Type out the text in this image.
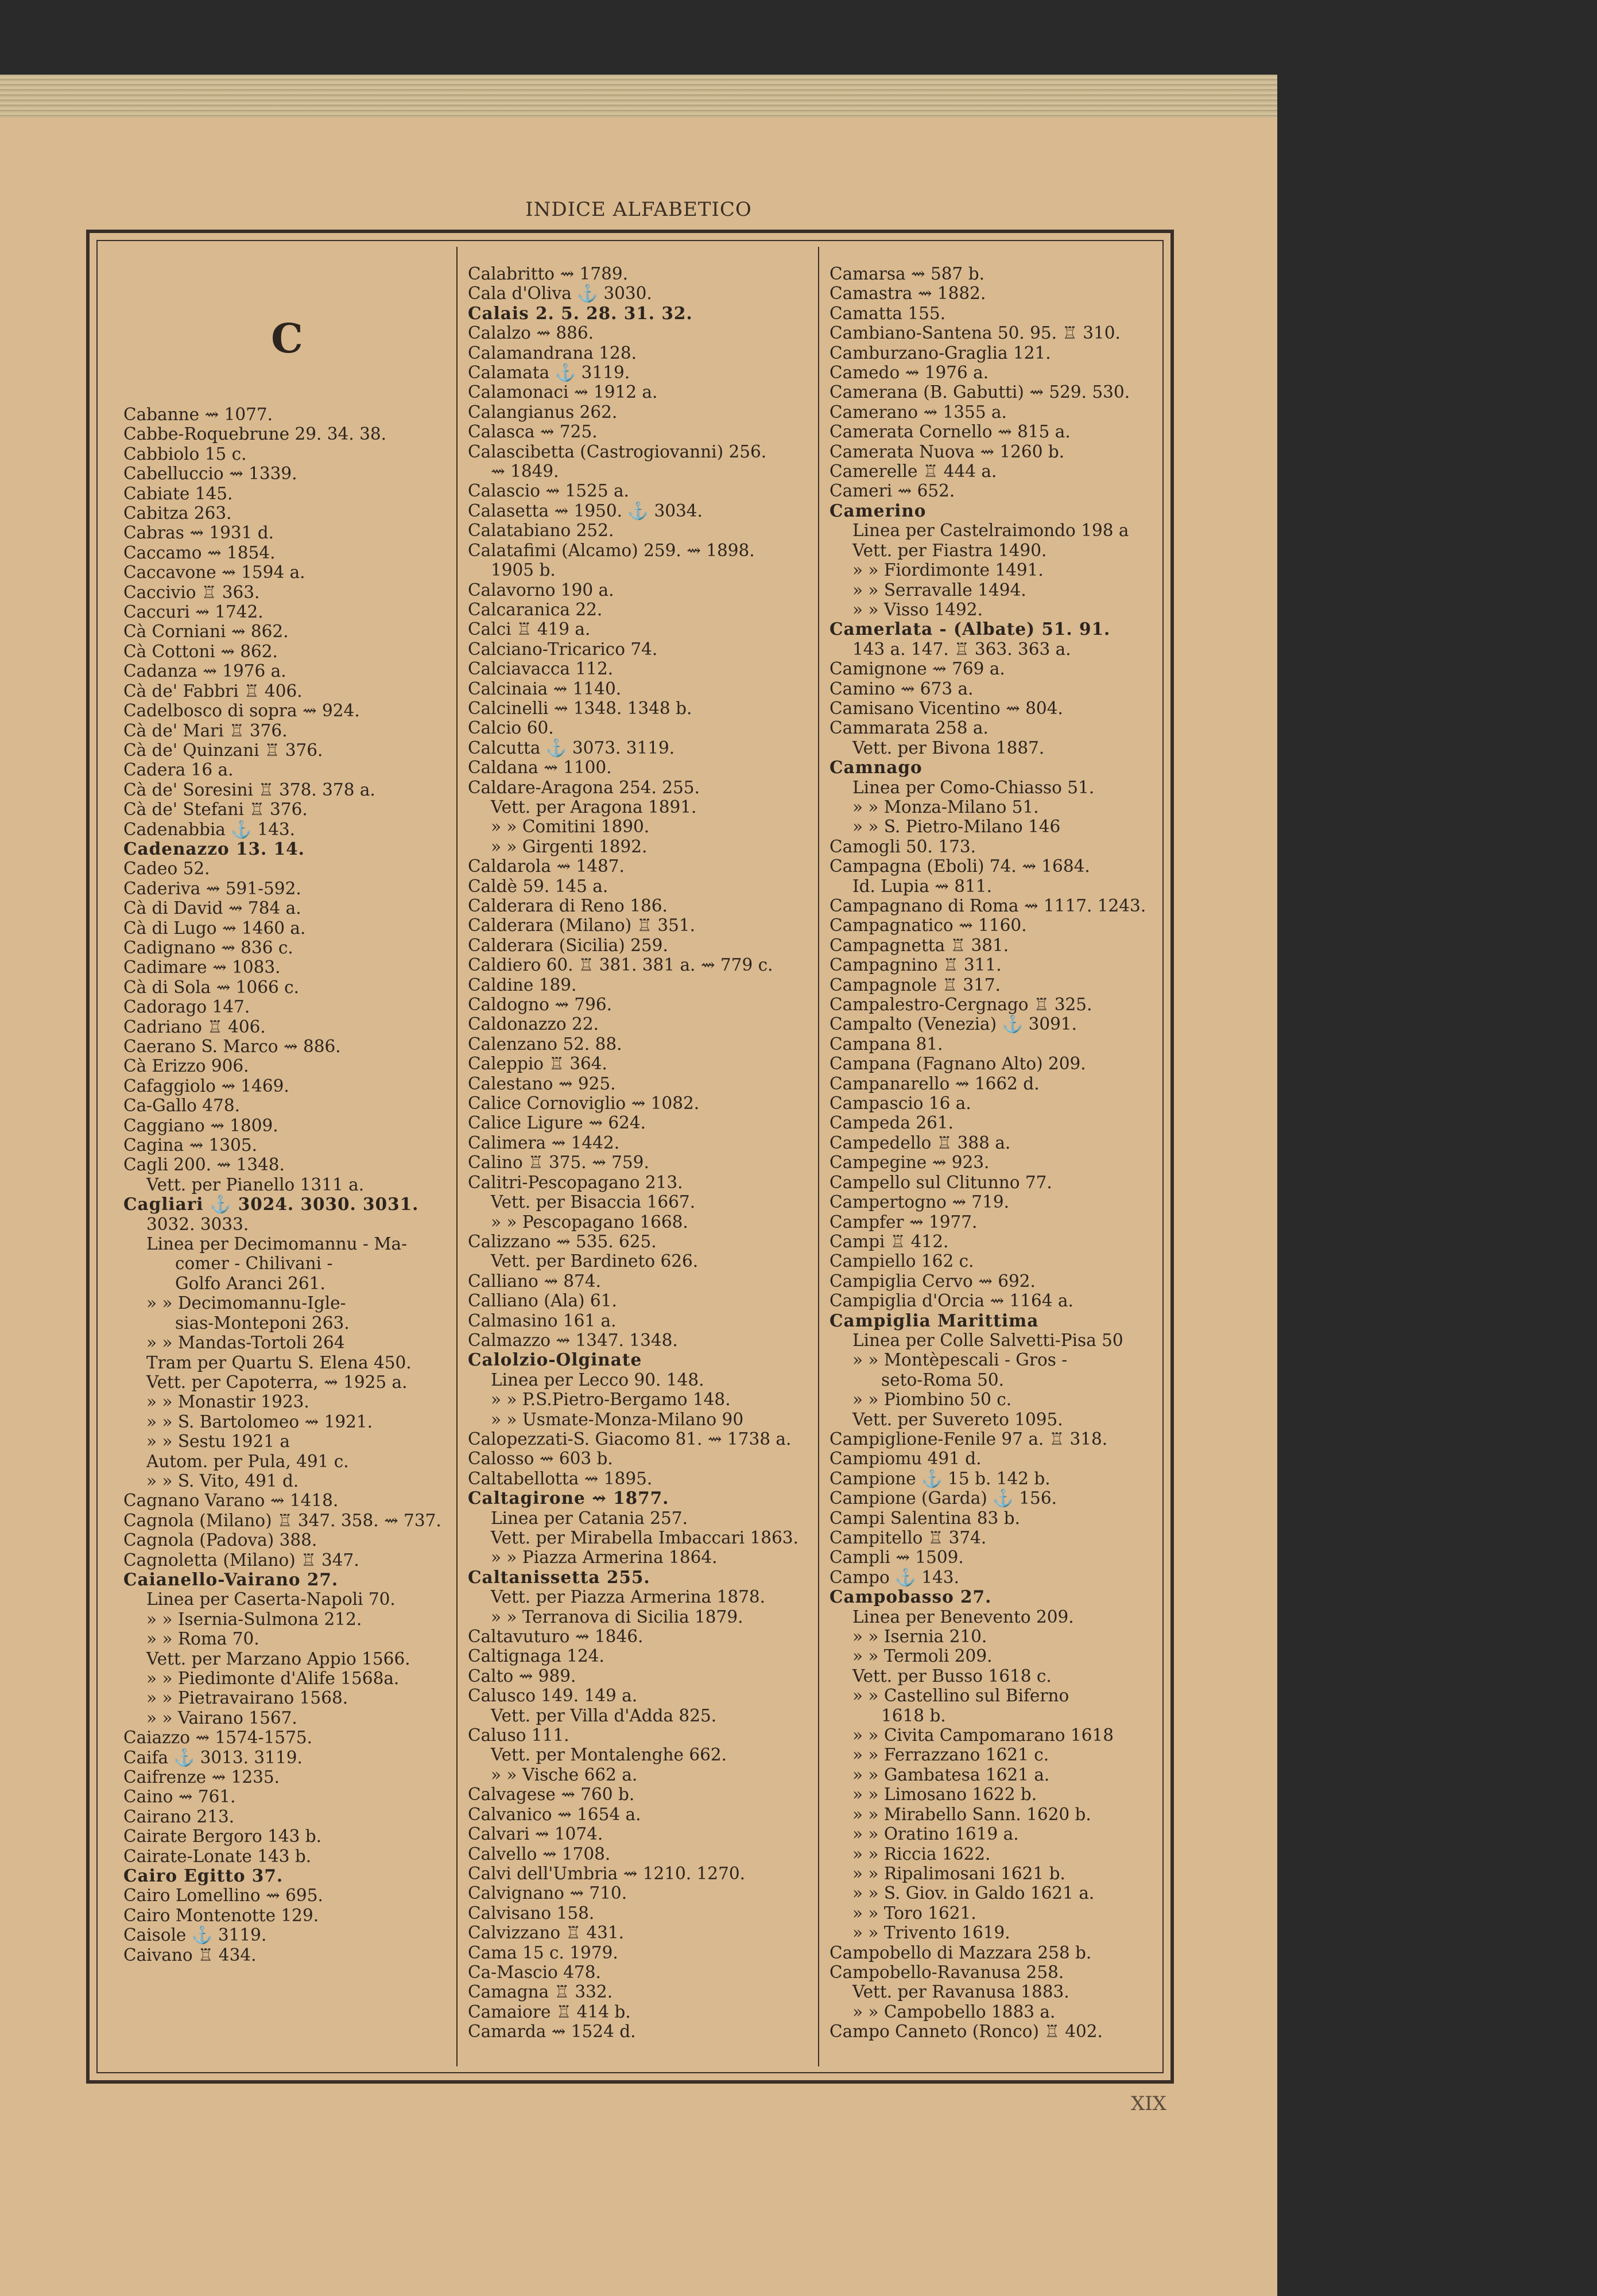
INDICE ALFABETICO
C
Cabanne ⇝ 1077.
Cabbe-Roquebrune 29. 34. 38.
Cabbiolo 15 c.
Cabelluccio ⇝ 1339.
Cabiate 145.
Cabitza 263.
Cabras ⇝ 1931 d.
Caccamo ⇝ 1854.
Caccavone ⇝ 1594 a.
Caccivio ♖ 363.
Caccuri ⇝ 1742.
Cà Corniani ⇝ 862.
Cà Cottoni ⇝ 862.
Cadanza ⇝ 1976 a.
Cà de' Fabbri ♖ 406.
Cadelbosco di sopra ⇝ 924.
Cà de' Mari ♖ 376.
Cà de' Quinzani ♖ 376.
Cadera 16 a.
Cà de' Soresini ♖ 378. 378 a.
Cà de' Stefani ♖ 376.
Cadenabbia ⚓ 143.
Cadenazzo 13. 14.
Cadeo 52.
Caderiva ⇝ 591-592.
Cà di David ⇝ 784 a.
Cà di Lugo ⇝ 1460 a.
Cadignano ⇝ 836 c.
Cadimare ⇝ 1083.
Cà di Sola ⇝ 1066 c.
Cadorago 147.
Cadriano ♖ 406.
Caerano S. Marco ⇝ 886.
Cà Erizzo 906.
Cafaggiolo ⇝ 1469.
Ca-Gallo 478.
Caggiano ⇝ 1809.
Cagina ⇝ 1305.
Cagli 200. ⇝ 1348.
Vett. per Pianello 1311 a.
Cagliari ⚓ 3024. 3030. 3031.
3032. 3033.
Linea per Decimomannu - Ma-
comer - Chilivani -
Golfo Aranci 261.
» » Decimomannu-Igle-
sias-Monteponi 263.
» » Mandas-Tortoli 264
Tram per Quartu S. Elena 450.
Vett. per Capoterra, ⇝ 1925 a.
» » Monastir 1923.
» » S. Bartolomeo ⇝ 1921.
» » Sestu 1921 a
Autom. per Pula, 491 c.
» » S. Vito, 491 d.
Cagnano Varano ⇝ 1418.
Cagnola (Milano) ♖ 347. 358. ⇝ 737.
Cagnola (Padova) 388.
Cagnoletta (Milano) ♖ 347.
Caianello-Vairano 27.
Linea per Caserta-Napoli 70.
» » Isernia-Sulmona 212.
» » Roma 70.
Vett. per Marzano Appio 1566.
» » Piedimonte d'Alife 1568a.
» » Pietravairano 1568.
» » Vairano 1567.
Caiazzo ⇝ 1574-1575.
Caifa ⚓ 3013. 3119.
Caifrenze ⇝ 1235.
Caino ⇝ 761.
Cairano 213.
Cairate Bergoro 143 b.
Cairate-Lonate 143 b.
Cairo Egitto 37.
Cairo Lomellino ⇝ 695.
Cairo Montenotte 129.
Caisole ⚓ 3119.
Caivano ♖ 434.
Calabritto ⇝ 1789.
Cala d'Oliva ⚓ 3030.
Calais 2. 5. 28. 31. 32.
Calalzo ⇝ 886.
Calamandrana 128.
Calamata ⚓ 3119.
Calamonaci ⇝ 1912 a.
Calangianus 262.
Calasca ⇝ 725.
Calascibetta (Castrogiovanni) 256.
⇝ 1849.
Calascio ⇝ 1525 a.
Calasetta ⇝ 1950. ⚓ 3034.
Calatabiano 252.
Calatafimi (Alcamo) 259. ⇝ 1898.
1905 b.
Calavorno 190 a.
Calcaranica 22.
Calci ♖ 419 a.
Calciano-Tricarico 74.
Calciavacca 112.
Calcinaia ⇝ 1140.
Calcinelli ⇝ 1348. 1348 b.
Calcio 60.
Calcutta ⚓ 3073. 3119.
Caldana ⇝ 1100.
Caldare-Aragona 254. 255.
Vett. per Aragona 1891.
» » Comitini 1890.
» » Girgenti 1892.
Caldarola ⇝ 1487.
Caldè 59. 145 a.
Calderara di Reno 186.
Calderara (Milano) ♖ 351.
Calderara (Sicilia) 259.
Caldiero 60. ♖ 381. 381 a. ⇝ 779 c.
Caldine 189.
Caldogno ⇝ 796.
Caldonazzo 22.
Calenzano 52. 88.
Caleppio ♖ 364.
Calestano ⇝ 925.
Calice Cornoviglio ⇝ 1082.
Calice Ligure ⇝ 624.
Calimera ⇝ 1442.
Calino ♖ 375. ⇝ 759.
Calitri-Pescopagano 213.
Vett. per Bisaccia 1667.
» » Pescopagano 1668.
Calizzano ⇝ 535. 625.
Vett. per Bardineto 626.
Calliano ⇝ 874.
Calliano (Ala) 61.
Calmasino 161 a.
Calmazzo ⇝ 1347. 1348.
Calolzio-Olginate
Linea per Lecco 90. 148.
» » P.S.Pietro-Bergamo 148.
» » Usmate-Monza-Milano 90
Calopezzati-S. Giacomo 81. ⇝ 1738 a.
Calosso ⇝ 603 b.
Caltabellotta ⇝ 1895.
Caltagirone ⇝ 1877.
Linea per Catania 257.
Vett. per Mirabella Imbaccari 1863.
» » Piazza Armerina 1864.
Caltanissetta 255.
Vett. per Piazza Armerina 1878.
» » Terranova di Sicilia 1879.
Caltavuturo ⇝ 1846.
Caltignaga 124.
Calto ⇝ 989.
Calusco 149. 149 a.
Vett. per Villa d'Adda 825.
Caluso 111.
Vett. per Montalenghe 662.
» » Vische 662 a.
Calvagese ⇝ 760 b.
Calvanico ⇝ 1654 a.
Calvari ⇝ 1074.
Calvello ⇝ 1708.
Calvi dell'Umbria ⇝ 1210. 1270.
Calvignano ⇝ 710.
Calvisano 158.
Calvizzano ♖ 431.
Cama 15 c. 1979.
Ca-Mascio 478.
Camagna ♖ 332.
Camaiore ♖ 414 b.
Camarda ⇝ 1524 d.
Camarsa ⇝ 587 b.
Camastra ⇝ 1882.
Camatta 155.
Cambiano-Santena 50. 95. ♖ 310.
Camburzano-Graglia 121.
Camedo ⇝ 1976 a.
Camerana (B. Gabutti) ⇝ 529. 530.
Camerano ⇝ 1355 a.
Camerata Cornello ⇝ 815 a.
Camerata Nuova ⇝ 1260 b.
Camerelle ♖ 444 a.
Cameri ⇝ 652.
Camerino
Linea per Castelraimondo 198 a
Vett. per Fiastra 1490.
» » Fiordimonte 1491.
» » Serravalle 1494.
» » Visso 1492.
Camerlata - (Albate) 51. 91.
143 a. 147. ♖ 363. 363 a.
Camignone ⇝ 769 a.
Camino ⇝ 673 a.
Camisano Vicentino ⇝ 804.
Cammarata 258 a.
Vett. per Bivona 1887.
Camnago
Linea per Como-Chiasso 51.
» » Monza-Milano 51.
» » S. Pietro-Milano 146
Camogli 50. 173.
Campagna (Eboli) 74. ⇝ 1684.
Id. Lupia ⇝ 811.
Campagnano di Roma ⇝ 1117. 1243.
Campagnatico ⇝ 1160.
Campagnetta ♖ 381.
Campagnino ♖ 311.
Campagnole ♖ 317.
Campalestro-Cergnago ♖ 325.
Campalto (Venezia) ⚓ 3091.
Campana 81.
Campana (Fagnano Alto) 209.
Campanarello ⇝ 1662 d.
Campascio 16 a.
Campeda 261.
Campedello ♖ 388 a.
Campegine ⇝ 923.
Campello sul Clitunno 77.
Campertogno ⇝ 719.
Campfer ⇝ 1977.
Campi ♖ 412.
Campiello 162 c.
Campiglia Cervo ⇝ 692.
Campiglia d'Orcia ⇝ 1164 a.
Campiglia Marittima
Linea per Colle Salvetti-Pisa 50
» » Montèpescali - Gros -
seto-Roma 50.
» » Piombino 50 c.
Vett. per Suvereto 1095.
Campiglione-Fenile 97 a. ♖ 318.
Campiomu 491 d.
Campione ⚓ 15 b. 142 b.
Campione (Garda) ⚓ 156.
Campi Salentina 83 b.
Campitello ♖ 374.
Campli ⇝ 1509.
Campo ⚓ 143.
Campobasso 27.
Linea per Benevento 209.
» » Isernia 210.
» » Termoli 209.
Vett. per Busso 1618 c.
» » Castellino sul Biferno
1618 b.
» » Civita Campomarano 1618
» » Ferrazzano 1621 c.
» » Gambatesa 1621 a.
» » Limosano 1622 b.
» » Mirabello Sann. 1620 b.
» » Oratino 1619 a.
» » Riccia 1622.
» » Ripalimosani 1621 b.
» » S. Giov. in Galdo 1621 a.
» » Toro 1621.
» » Trivento 1619.
Campobello di Mazzara 258 b.
Campobello-Ravanusa 258.
Vett. per Ravanusa 1883.
» » Campobello 1883 a.
Campo Canneto (Ronco) ♖ 402.
XIX
